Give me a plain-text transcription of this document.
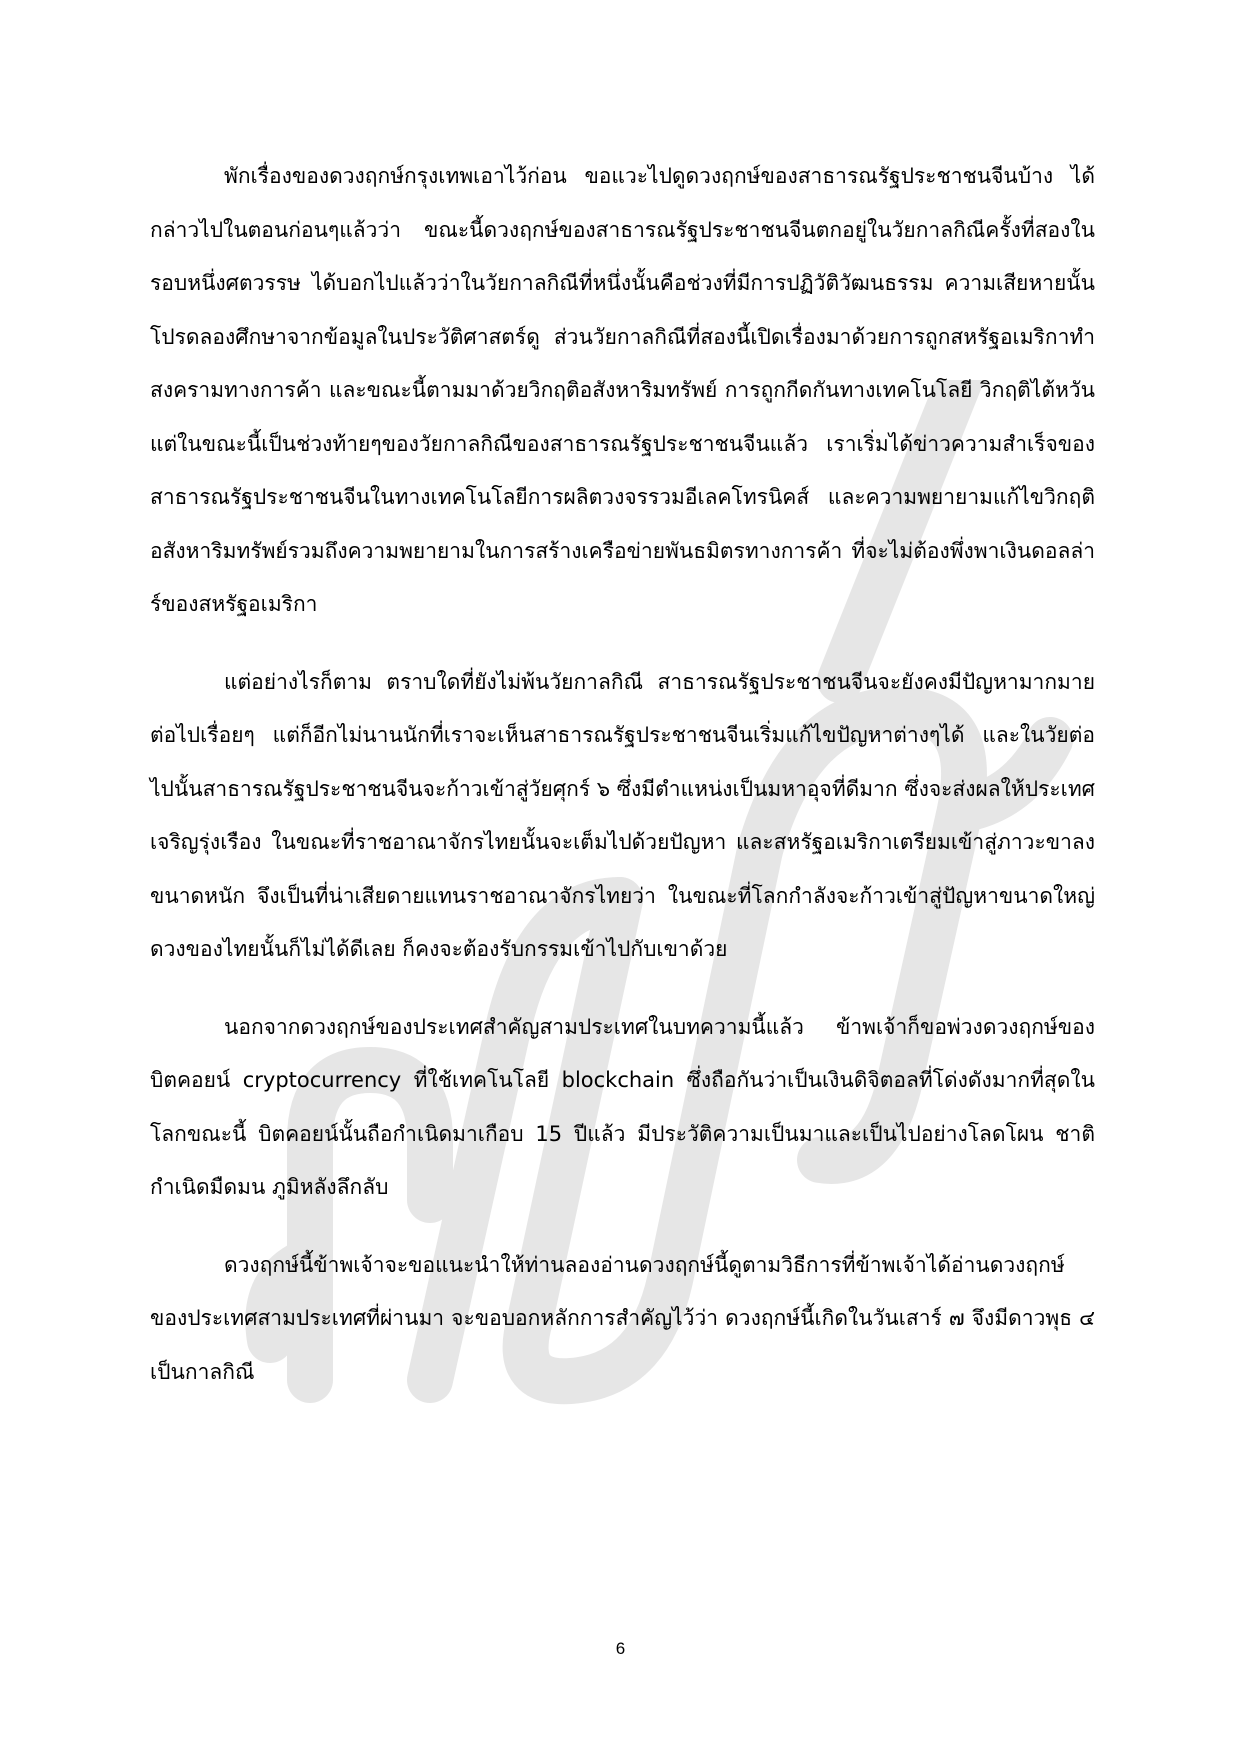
พักเรื่องของดวงฤกษ์กรุงเทพเอาไว้ก่อน ขอแวะไปดูดวงฤกษ์ของสาธารณรัฐประชาชนจีนบ้าง ได้กล่าวไปในตอนก่อนๆแล้วว่า ขณะนี้ดวงฤกษ์ของสาธารณรัฐประชาชนจีนตกอยู่ในวัยกาลกิณีครั้งที่สองในรอบหนึ่งศตวรรษ ได้บอกไปแล้วว่าในวัยกาลกิณีที่หนึ่งนั้นคือช่วงที่มีการปฏิวัติวัฒนธรรม ความเสียหายนั้นโปรดลองศึกษาจากข้อมูลในประวัติศาสตร์ดู ส่วนวัยกาลกิณีที่สองนี้เปิดเรื่องมาด้วยการถูกสหรัฐอเมริกาทำสงครามทางการค้า และขณะนี้ตามมาด้วยวิกฤติอสังหาริมทรัพย์ การถูกกีดกันทางเทคโนโลยี วิกฤติไต้หวัน แต่ในขณะนี้เป็นช่วงท้ายๆของวัยกาลกิณีของสาธารณรัฐประชาชนจีนแล้ว เราเริ่มได้ข่าวความสำเร็จของสาธารณรัฐประชาชนจีนในทางเทคโนโลยีการผลิตวงจรรวมอีเลคโทรนิคส์ และความพยายามแก้ไขวิกฤติอสังหาริมทรัพย์รวมถึงความพยายามในการสร้างเครือข่ายพันธมิตรทางการค้า ที่จะไม่ต้องพึ่งพาเงินดอลล่าร์ของสหรัฐอเมริกา

แต่อย่างไรก็ตาม ตราบใดที่ยังไม่พ้นวัยกาลกิณี สาธารณรัฐประชาชนจีนจะยังคงมีปัญหามากมายต่อไปเรื่อยๆ แต่ก็อีกไม่นานนักที่เราจะเห็นสาธารณรัฐประชาชนจีนเริ่มแก้ไขปัญหาต่างๆได้ และในวัยต่อไปนั้นสาธารณรัฐประชาชนจีนจะก้าวเข้าสู่วัยศุกร์ ๖ ซึ่งมีตำแหน่งเป็นมหาอุจที่ดีมาก ซึ่งจะส่งผลให้ประเทศเจริญรุ่งเรือง ในขณะที่ราชอาณาจักรไทยนั้นจะเต็มไปด้วยปัญหา และสหรัฐอเมริกาเตรียมเข้าสู่ภาวะขาลงขนาดหนัก จึงเป็นที่น่าเสียดายแทนราชอาณาจักรไทยว่า ในขณะที่โลกกำลังจะก้าวเข้าสู่ปัญหาขนาดใหญ่ ดวงของไทยนั้นก็ไม่ได้ดีเลย ก็คงจะต้องรับกรรมเข้าไปกับเขาด้วย

นอกจากดวงฤกษ์ของประเทศสำคัญสามประเทศในบทความนี้แล้ว ข้าพเจ้าก็ขอพ่วงดวงฤกษ์ของบิตคอยน์ cryptocurrency ที่ใช้เทคโนโลยี blockchain ซึ่งถือกันว่าเป็นเงินดิจิตอลที่โด่งดังมากที่สุดในโลกขณะนี้ บิตคอยน์นั้นถือกำเนิดมาเกือบ 15 ปีแล้ว มีประวัติความเป็นมาและเป็นไปอย่างโลดโผน ชาติกำเนิดมืดมน ภูมิหลังลึกลับ

ดวงฤกษ์นี้ข้าพเจ้าจะขอแนะนำให้ท่านลองอ่านดวงฤกษ์นี้ดูตามวิธีการที่ข้าพเจ้าได้อ่านดวงฤกษ์ของประเทศสามประเทศที่ผ่านมา จะขอบอกหลักการสำคัญไว้ว่า ดวงฤกษ์นี้เกิดในวันเสาร์ ๗ จึงมีดาวพุธ ๔ เป็นกาลกิณี

6
